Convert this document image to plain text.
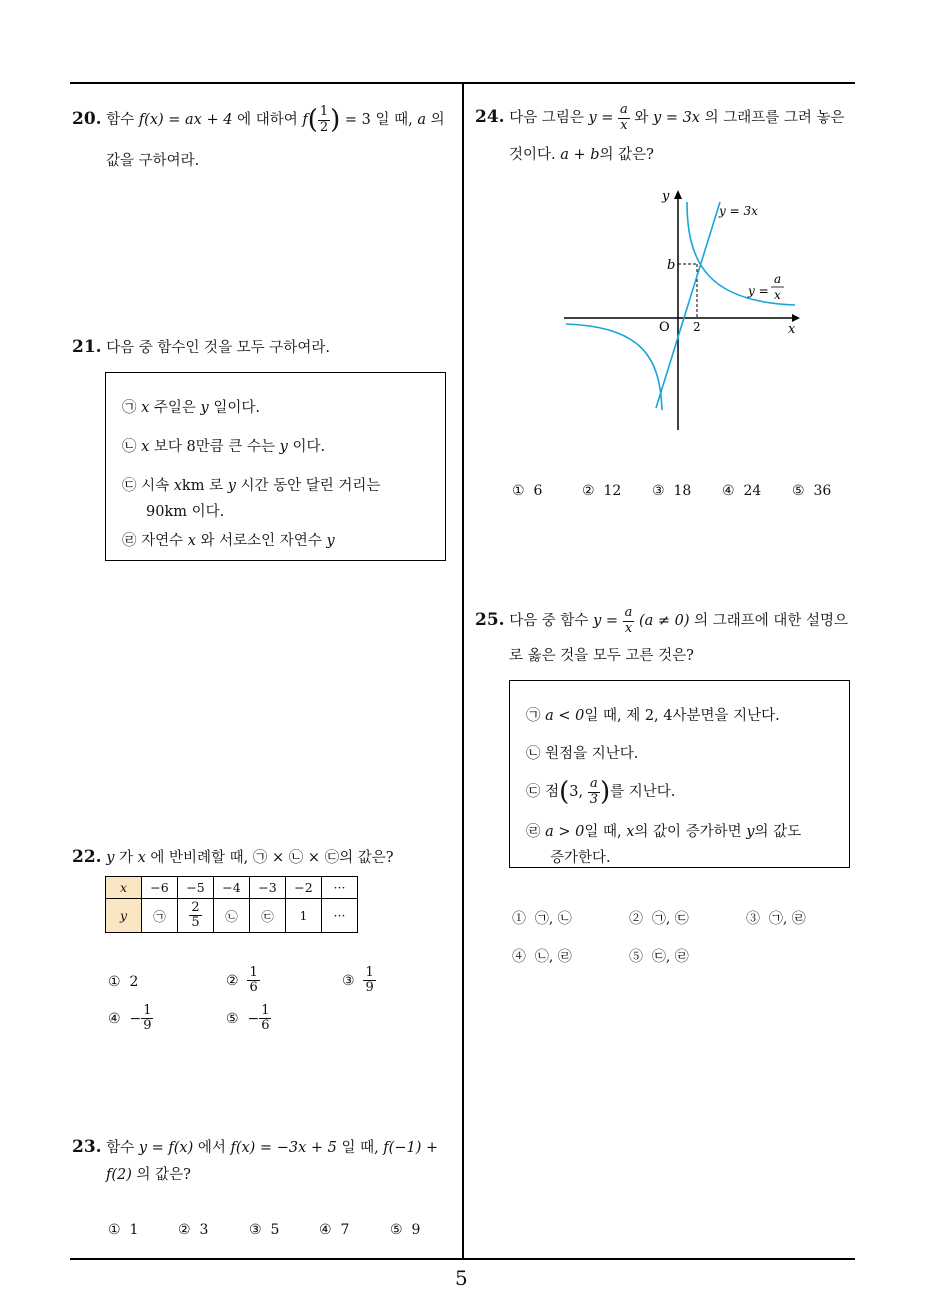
5
20. 함수 f(x) = ax + 4 에 대하여 $f( \frac{1}{2}$ ) = 3 일 때, a 의
값을 구하여라.
21. 다음 중 함수인 것을 모두 구하여라.
㉠ x 주일은 y 일이다.
㉡ x 보다 8만큼 큰 수는 y 이다.
㉢ 시속 xkm 로 y 시간 동안 달린 거리는
90km 이다.
㉣ 자연수 x 와 서로소인 자연수 y
22. y 가 x 에 반비례할 때, ㉠ × ㉡ × ㉢의 값은?
x	−6	−5	−4	−3	−2	···
y	㉠	$\frac{2}{5}$	㉡	㉢	1	···
① 2	② $\frac{1}{6}$	③ $\frac{1}{9}$
④ − $\frac{1}{9}$	⑤ − $\frac{1}{6}$
23. 함수 y = f(x) 에서 f(x) = −3x + 5 일 때, f(−1) +
f(2) 의 값은?
① 1	② 3	③ 5	④ 7	⑤ 9
24. 다음 그림은 $y = \frac{a}{x}$ 와 y = 3x 의 그래프를 그려 놓은
것이다. a + b의 값은?
y
x
O 2
b
y = 3x
y =
a
x
① 6	② 12 ③ 18 ④ 24 ⑤ 36
25. 다음 중 함수 $y = \frac{a}{x} (a \ne 0)$ 의 그래프에 대한 설명으
로 옳은 것을 모두 고른 것은?
㉠ a < 0일 때, 제 2, 4사분면을 지난다.
㉡ 원점을 지난다.
㉢ 점(3, $\frac{a}{3}$ )를 지난다.
㉣ a > 0일 때, x의 값이 증가하면 y의 값도
증가한다.
① ㉠, ㉡	② ㉠, ㉢	③ ㉠, ㉣
④ ㉡, ㉣	⑤ ㉢, ㉣
